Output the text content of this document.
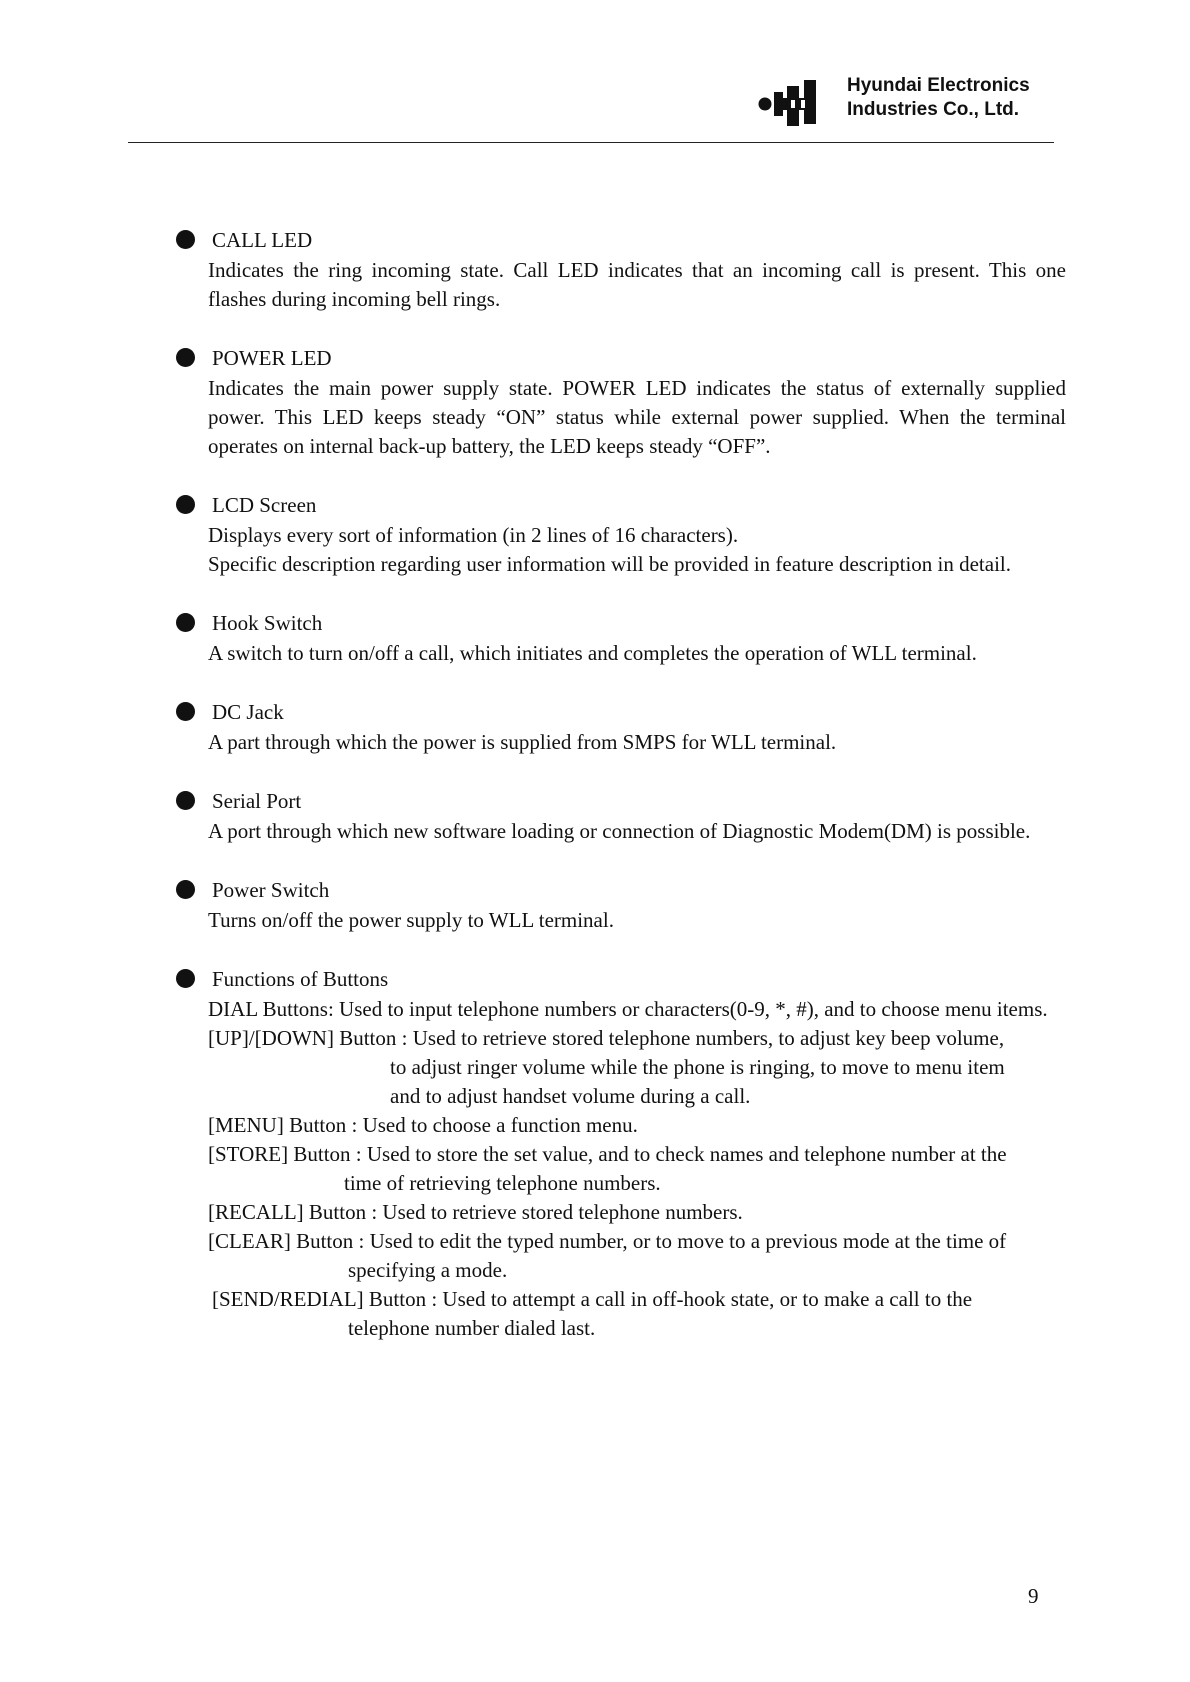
Hyundai Electronics
Industries Co., Ltd.
CALL LED

Indicates the ring incoming state. Call LED indicates that an incoming call is present. This one flashes during incoming bell rings.

POWER LED

Indicates the main power supply state. POWER LED indicates the status of externally supplied power. This LED keeps steady “ON” status while external power supplied. When the terminal operates on internal back-up battery, the LED keeps steady “OFF”.

LCD Screen

Displays every sort of information (in 2 lines of 16 characters).

Specific description regarding user information will be provided in feature description in detail.

Hook Switch

A switch to turn on/off a call, which initiates and completes the operation of WLL terminal.

DC Jack

A part through which the power is supplied from SMPS for WLL terminal.

Serial Port

A port through which new software loading or connection of Diagnostic Modem(DM) is possible.

Power Switch

Turns on/off the power supply to WLL terminal.

Functions of Buttons

DIAL Buttons: Used to input telephone numbers or characters(0-9, *, #), and to choose menu items.

[UP]/[DOWN] Button : Used to retrieve stored telephone numbers, to adjust key beep volume,

to adjust ringer volume while the phone is ringing, to move to menu item

and to adjust handset volume during a call.

[MENU] Button : Used to choose a function menu.

[STORE] Button : Used to store the set value, and to check names and telephone number at the

time of retrieving telephone numbers.

[RECALL] Button : Used to retrieve stored telephone numbers.

[CLEAR] Button : Used to edit the typed number, or to move to a previous mode at the time of

specifying a mode.

[SEND/REDIAL] Button : Used to attempt a call in off-hook state, or to make a call to the

telephone number dialed last.

9
